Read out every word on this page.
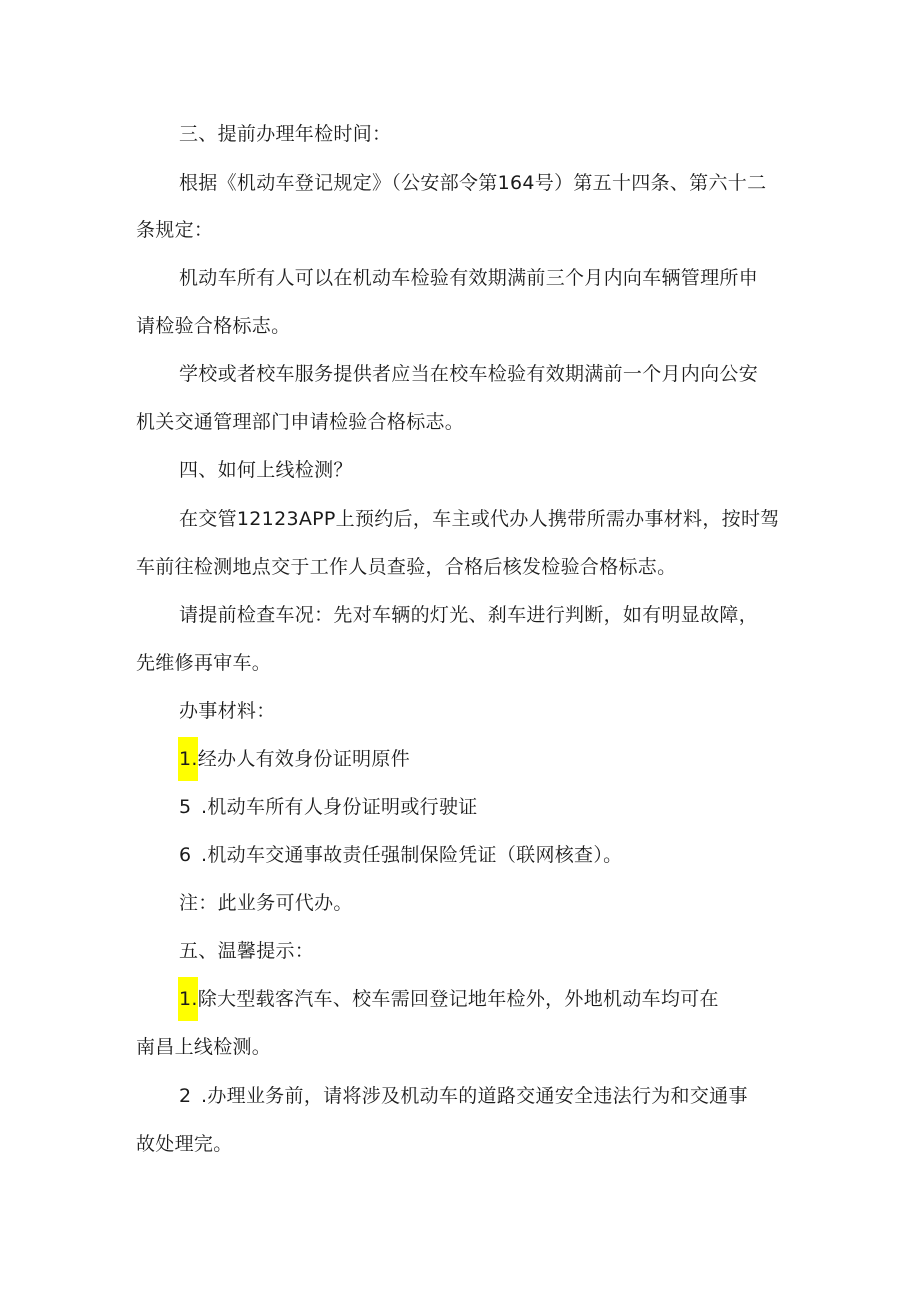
三、提前办理年检时间：
根据《机动车登记规定》（公安部令第164号）第五十四条、第六十二
条规定：
机动车所有人可以在机动车检验有效期满前三个月内向车辆管理所申
请检验合格标志。
学校或者校车服务提供者应当在校车检验有效期满前一个月内向公安
机关交通管理部门申请检验合格标志。
四、如何上线检测？
在交管12123APP上预约后，车主或代办人携带所需办事材料，按时驾
车前往检测地点交于工作人员查验，合格后核发检验合格标志。
请提前检查车况：先对车辆的灯光、刹车进行判断，如有明显故障，
先维修再审车。
办事材料：
1.经办人有效身份证明原件
5 .机动车所有人身份证明或行驶证
6 .机动车交通事故责任强制保险凭证（联网核查）。
注：此业务可代办。
五、温馨提示：
1.除大型载客汽车、校车需回登记地年检外，外地机动车均可在
南昌上线检测。
2 .办理业务前，请将涉及机动车的道路交通安全违法行为和交通事
故处理完。
